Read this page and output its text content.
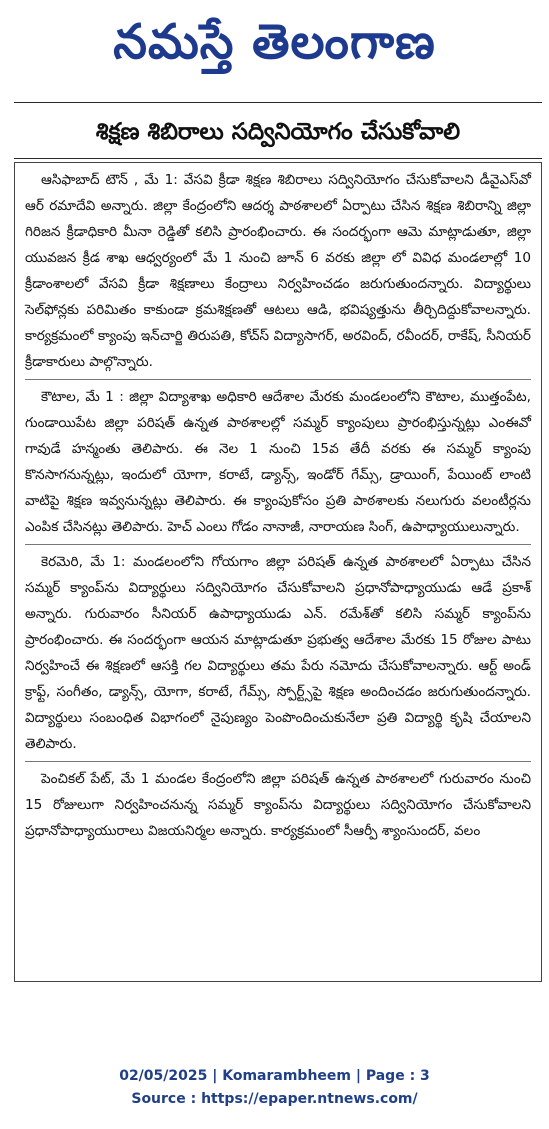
నమస్తే తెలంగాణ
శిక్షణ శిబిరాలు సద్వినియోగం చేసుకోవాలి

ఆసిఫాబాద్ టౌన్ , మే 1: వేసవి క్రీడా శిక్షణ శిబిరాలు సద్వినియోగం చేసుకోవాలని డీవైఎస్‌వో ఆర్ రమాదేవి అన్నారు. జిల్లా కేంద్రంలోని ఆదర్శ పాఠశాలలో ఏర్పాటు చేసిన శిక్షణ శిబిరాన్ని జిల్లా గిరిజన క్రీడాధికారి మీనా రెడ్డితో కలిసి ప్రారంభించారు. ఈ సందర్భంగా ఆమె మాట్లాడుతూ, జిల్లా యువజన క్రీడ శాఖ ఆధ్వర్యంలో మే 1 నుంచి జూన్ 6 వరకు జిల్లా లో వివిధ మండలాల్లో 10 క్రీడాంశాలలో వేసవి క్రీడా శిక్షణాలు కేంద్రాలు నిర్వహించడం జరుగుతుందన్నారు. విద్యార్థులు సెల్‌ఫోన్లకు పరిమితం కాకుండా క్రమశిక్షణతో ఆటలు ఆడి, భవిష్యత్తును తీర్చిదిద్దుకోవాలన్నారు. కార్యక్రమంలో క్యాంపు ఇన్‌చార్జి తిరుపతి, కోచ్‌స్ విద్యాసాగర్, అరవింద్, రవీందర్, రాకేష్, సీనియర్ క్రీడాకారులు పాల్గొన్నారు.

కౌటాల, మే 1 : జిల్లా విద్యాశాఖ అధికారి ఆదేశాల మేరకు మండలంలోని కౌటాల, ముత్తంపేట, గుండాయిపేట జిల్లా పరిషత్ ఉన్నత పాఠశాలల్లో సమ్మర్ క్యాంపులు ప్రారంభిస్తున్నట్లు ఎంఈవో గావుడే హన్మంతు తెలిపారు. ఈ నెల 1 నుంచి 15వ తేదీ వరకు ఈ సమ్మర్ క్యాంపు కొనసాగనున్నట్లు, ఇందులో యోగా, కరాటే, డ్యాన్స్, ఇండోర్ గేమ్స్, డ్రాయింగ్, పేయింట్ లాంటి వాటిపై శిక్షణ ఇవ్వనున్నట్లు తెలిపారు. ఈ క్యాంపుకోసం ప్రతి పాఠశాలకు నలుగురు వలంటీర్లను ఎంపిక చేసినట్లు తెలిపారు. హెచ్ ఎంలు గోడం నానాజీ, నారాయణ సింగ్, ఉపాధ్యాయులున్నారు.

కెరమెరి, మే 1: మండలంలోని గోయగాం జిల్లా పరిషత్ ఉన్నత పాఠశాలలో ఏర్పాటు చేసిన సమ్మర్ క్యాంప్‌ను విద్యార్థులు సద్వినియోగం చేసుకోవాలని ప్రధానోపాధ్యాయుడు ఆడే ప్రకాశ్ అన్నారు. గురువారం సీనియర్ ఉపాధ్యాయుడు ఎన్. రమేశ్‌తో కలిసి సమ్మర్ క్యాంప్‌ను ప్రారంభించారు. ఈ సందర్భంగా ఆయన మాట్లాడుతూ ప్రభుత్వ ఆదేశాల మేరకు 15 రోజుల పాటు నిర్వహించే ఈ శిక్షణలో ఆసక్తి గల విద్యార్థులు తమ పేరు నమోదు చేసుకోవాలన్నారు. ఆర్ట్ అండ్ క్రాఫ్ట్, సంగీతం, డ్యాన్స్, యోగా, కరాటే, గేమ్స్, స్పోర్ట్స్‌పై శిక్షణ అందించడం జరుగుతుందన్నారు. విద్యార్థులు సంబంధిత విభాగంలో నైపుణ్యం పెంపొందించుకునేలా ప్రతి విద్యార్థి కృషి చేయాలని తెలిపారు.

పెంచికల్ పేట్, మే 1 మండల కేంద్రంలోని జిల్లా పరిషత్ ఉన్నత పాఠశాలలో గురువారం నుంచి 15 రోజులుగా నిర్వహించనున్న సమ్మర్ క్యాంప్‌ను విద్యార్థులు సద్వినియోగం చేసుకోవాలని ప్రధానోపాధ్యాయురాలు విజయనిర్మల అన్నారు. కార్యక్రమంలో సీఆర్పీ శ్యాంసుందర్, వలం

02/05/2025 | Komarambheem | Page : 3
Source : https://epaper.ntnews.com/
